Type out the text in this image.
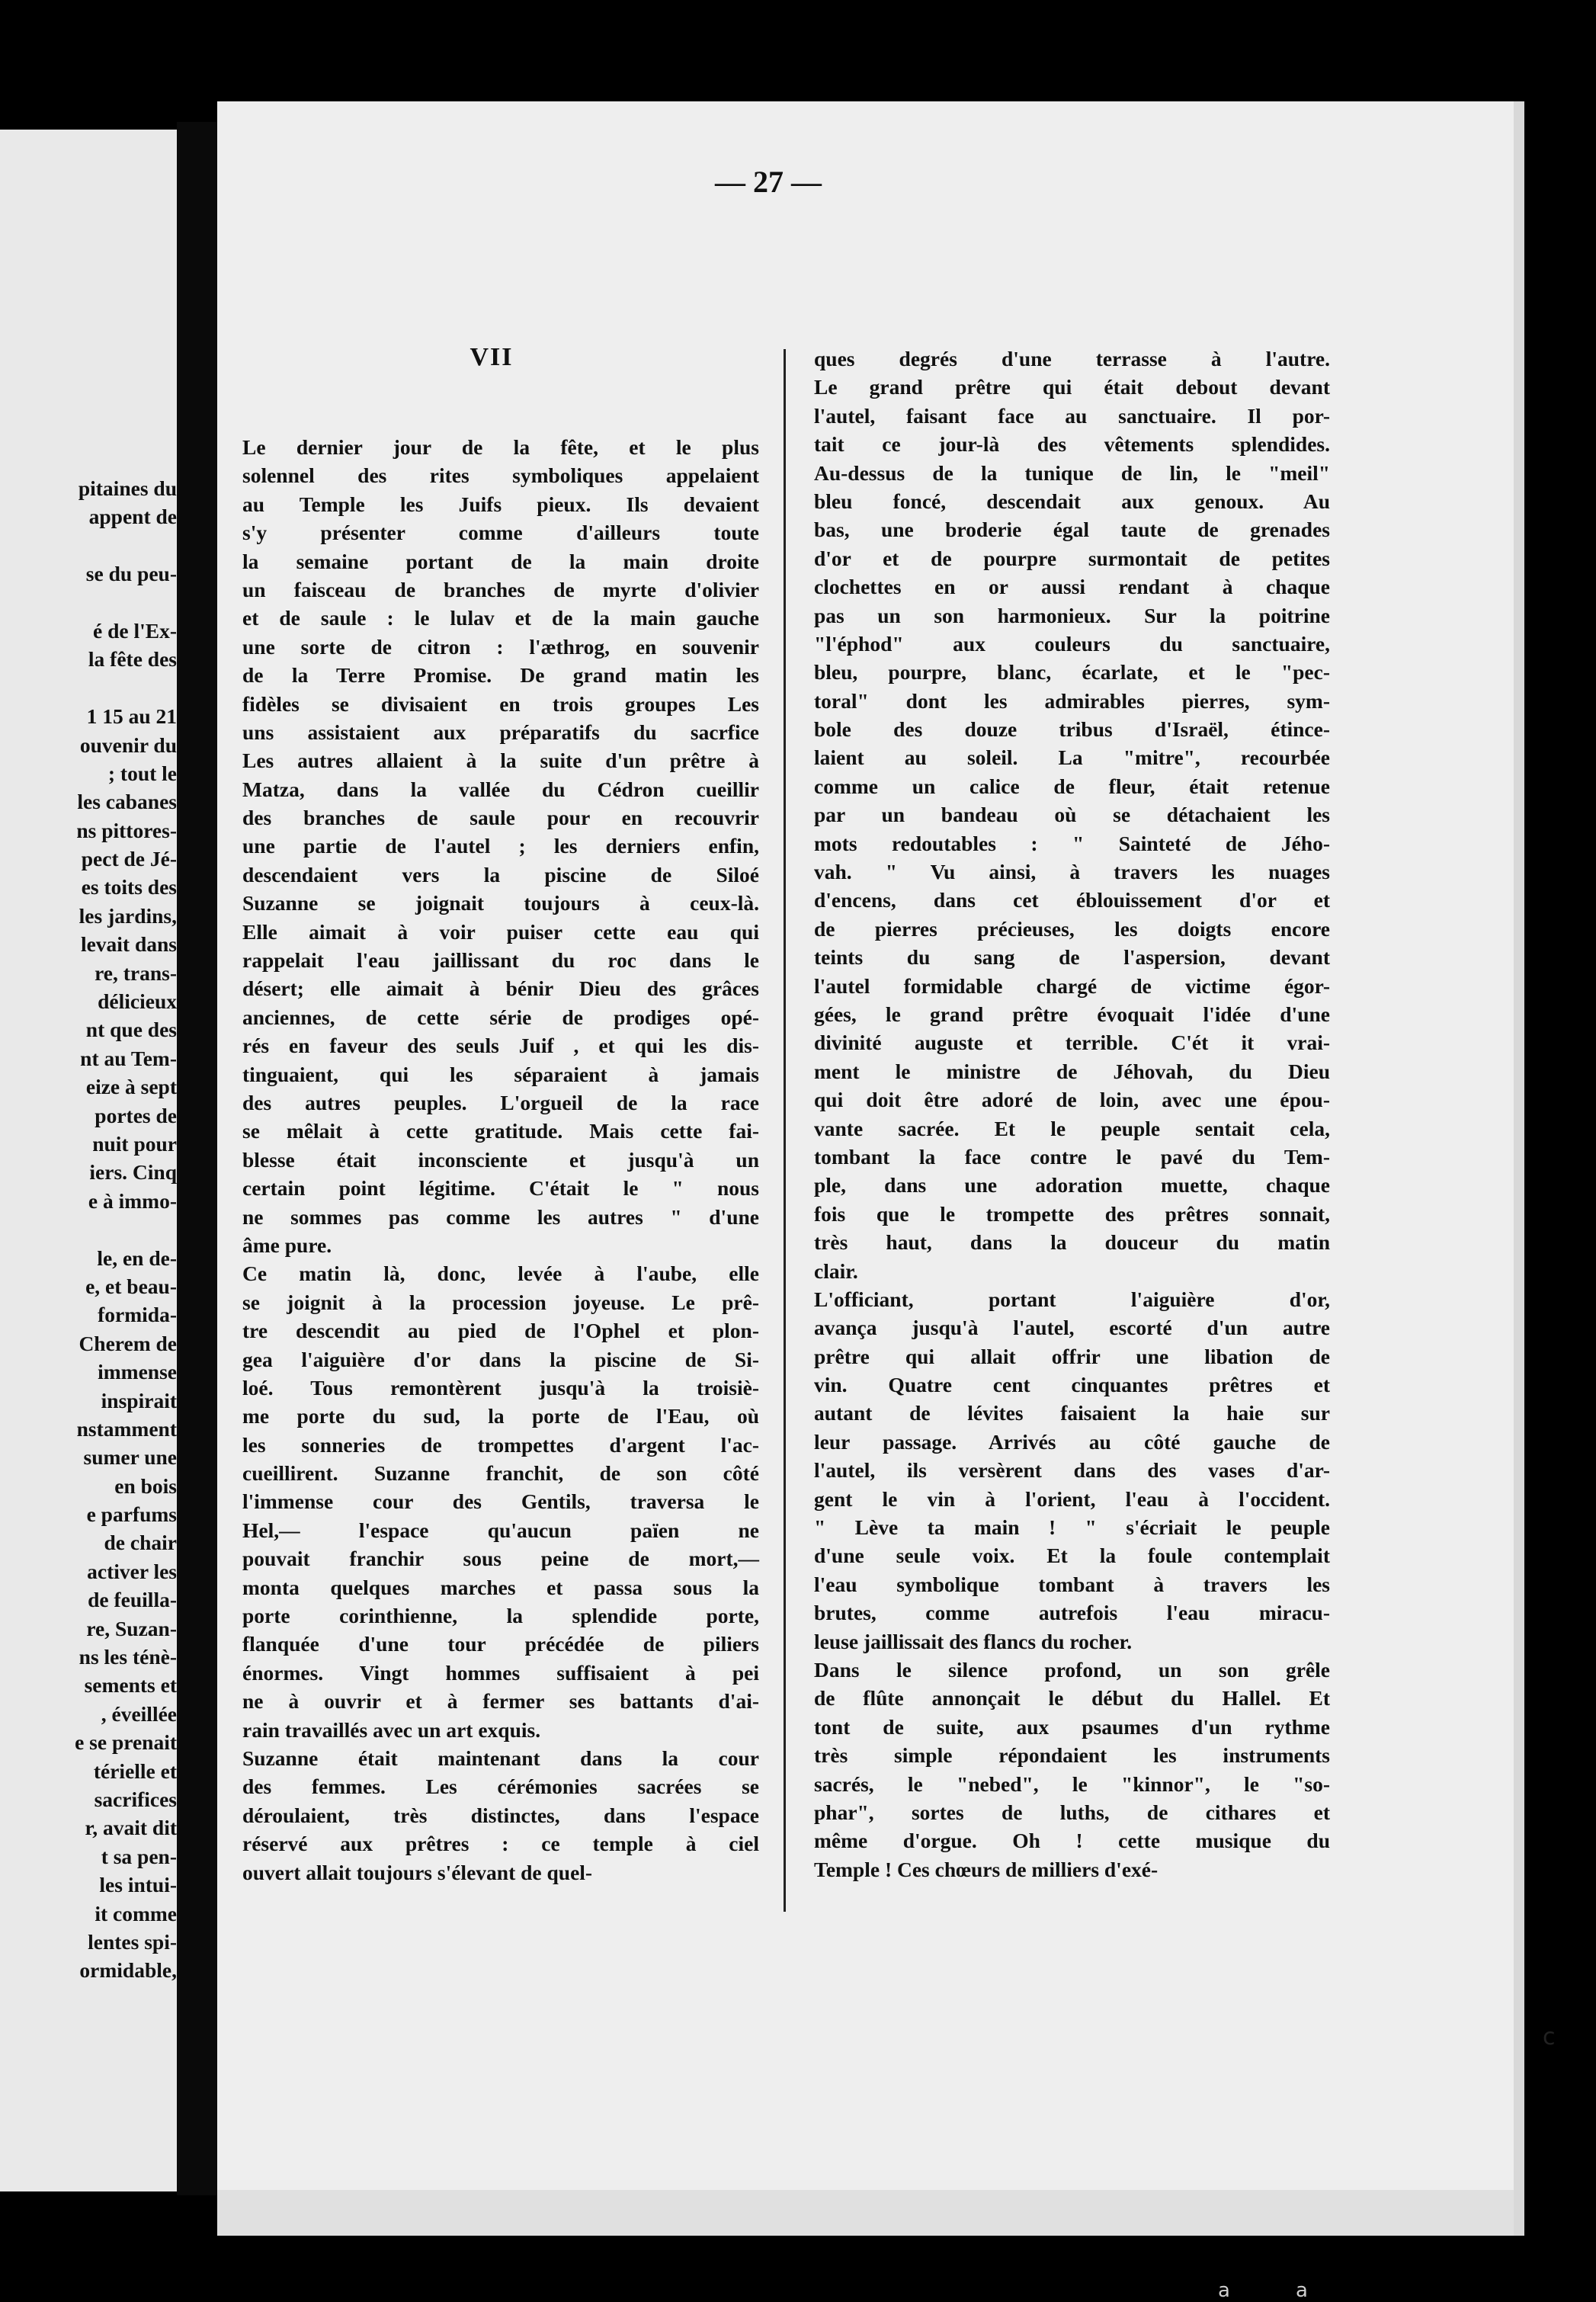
pitaines du
appent de
se du peu-
é de l'Ex-
la fête des
1 15 au 21
ouvenir du
; tout le
les cabanes
ns pittores-
pect de Jé-
es toits des
les jardins,
levait dans
re, trans-
délicieux
nt que des
nt au Tem-
eize à sept
portes de
nuit pour
iers. Cinq
e à immo-
le, en de-
e, et beau-
formida-
Cherem de
immense
inspirait
nstamment
sumer une
en bois
e parfums
de chair
activer les
de feuilla-
re, Suzan-
ns les ténè-
sements et
, éveillée
e se prenait
térielle et
sacrifices
r, avait dit
t sa pen-
les intui-
it comme
lentes spi-
ormidable,
— 27 —
VII
Le dernier jour de la fête, et le plus
solennel des rites symboliques appelaient
au Temple les Juifs pieux. Ils devaient
s'y présenter comme d'ailleurs toute
la semaine portant de la main droite
un faisceau de branches de myrte d'olivier
et de saule : le lulav et de la main gauche
une sorte de citron : l'æthrog, en souvenir
de la Terre Promise. De grand matin les
fidèles se divisaient en trois groupes Les
uns assistaient aux préparatifs du sacrfice
Les autres allaient à la suite d'un prêtre à
Matza, dans la vallée du Cédron cueillir
des branches de saule pour en recouvrir
une partie de l'autel ; les derniers enfin,
descendaient vers la piscine de Siloé
Suzanne se joignait toujours à ceux-là.
Elle aimait à voir puiser cette eau qui
rappelait l'eau jaillissant du roc dans le
désert; elle aimait à bénir Dieu des grâces
anciennes, de cette série de prodiges opé-
rés en faveur des seuls Juif , et qui les dis-
tinguaient, qui les séparaient à jamais
des autres peuples. L'orgueil de la race
se mêlait à cette gratitude. Mais cette fai-
blesse était inconsciente et jusqu'à un
certain point légitime. C'était le " nous
ne sommes pas comme les autres " d'une
âme pure.
Ce matin là, donc, levée à l'aube, elle
se joignit à la procession joyeuse. Le prê-
tre descendit au pied de l'Ophel et plon-
gea l'aiguière d'or dans la piscine de Si-
loé. Tous remontèrent jusqu'à la troisiè-
me porte du sud, la porte de l'Eau, où
les sonneries de trompettes d'argent l'ac-
cueillirent. Suzanne franchit, de son côté
l'immense cour des Gentils, traversa le
Hel,— l'espace qu'aucun païen ne
pouvait franchir sous peine de mort,—
monta quelques marches et passa sous la
porte corinthienne, la splendide porte,
flanquée d'une tour précédée de piliers
énormes. Vingt hommes suffisaient à pei
ne à ouvrir et à fermer ses battants d'ai-
rain travaillés avec un art exquis.
Suzanne était maintenant dans la cour
des femmes. Les cérémonies sacrées se
déroulaient, très distinctes, dans l'espace
réservé aux prêtres : ce temple à ciel
ouvert allait toujours s'élevant de quel-
ques degrés d'une terrasse à l'autre.
Le grand prêtre qui était debout devant
l'autel, faisant face au sanctuaire. Il por-
tait ce jour-là des vêtements splendides.
Au-dessus de la tunique de lin, le "meil"
bleu foncé, descendait aux genoux. Au
bas, une broderie égal taute de grenades
d'or et de pourpre surmontait de petites
clochettes en or aussi rendant à chaque
pas un son harmonieux. Sur la poitrine
"l'éphod" aux couleurs du sanctuaire,
bleu, pourpre, blanc, écarlate, et le "pec-
toral" dont les admirables pierres, sym-
bole des douze tribus d'Israël, étince-
laient au soleil. La "mitre", recourbée
comme un calice de fleur, était retenue
par un bandeau où se détachaient les
mots redoutables : " Sainteté de Jého-
vah. " Vu ainsi, à travers les nuages
d'encens, dans cet éblouissement d'or et
de pierres précieuses, les doigts encore
teints du sang de l'aspersion, devant
l'autel formidable chargé de victime égor-
gées, le grand prêtre évoquait l'idée d'une
divinité auguste et terrible. C'ét it vrai-
ment le ministre de Jéhovah, du Dieu
qui doit être adoré de loin, avec une épou-
vante sacrée. Et le peuple sentait cela,
tombant la face contre le pavé du Tem-
ple, dans une adoration muette, chaque
fois que le trompette des prêtres sonnait,
très haut, dans la douceur du matin
clair.
L'officiant, portant l'aiguière d'or,
avança jusqu'à l'autel, escorté d'un autre
prêtre qui allait offrir une libation de
vin. Quatre cent cinquantes prêtres et
autant de lévites faisaient la haie sur
leur passage. Arrivés au côté gauche de
l'autel, ils versèrent dans des vases d'ar-
gent le vin à l'orient, l'eau à l'occident.
" Lève ta main ! " s'écriait le peuple
d'une seule voix. Et la foule contemplait
l'eau symbolique tombant à travers les
brutes, comme autrefois l'eau miracu-
leuse jaillissait des flancs du rocher.
Dans le silence profond, un son grêle
de flûte annonçait le début du Hallel. Et
tont de suite, aux psaumes d'un rythme
très simple répondaient les instruments
sacrés, le "nebed", le "kinnor", le "so-
phar", sortes de luths, de cithares et
même d'orgue. Oh ! cette musique du
Temple ! Ces chœurs de milliers d'exé-
c
a	a
